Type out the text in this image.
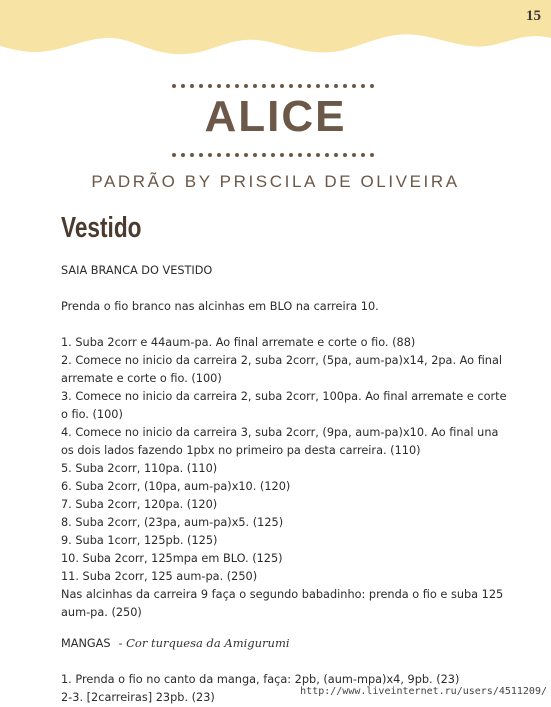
15
ALICE
PADRÃO BY PRISCILA DE OLIVEIRA
Vestido

SAIA BRANCA DO VESTIDO

Prenda o fio branco nas alcinhas em BLO na carreira 10.

1. Suba 2corr e 44aum-pa. Ao final arremate e corte o fio. (88)

2. Comece no inicio da carreira 2, suba 2corr, (5pa, aum-pa)x14, 2pa. Ao final arremate e corte o fio. (100)

3. Comece no inicio da carreira 2, suba 2corr, 100pa. Ao final arremate e corte o fio. (100)

4. Comece no inicio da carreira 3, suba 2corr, (9pa, aum-pa)x10. Ao final una os dois lados fazendo 1pbx no primeiro pa desta carreira. (110)

5. Suba 2corr, 110pa. (110)

6. Suba 2corr, (10pa, aum-pa)x10. (120)

7. Suba 2corr, 120pa. (120)

8. Suba 2corr, (23pa, aum-pa)x5. (125)

9. Suba 1corr, 125pb. (125)

10. Suba 2corr, 125mpa em BLO. (125)

11. Suba 2corr, 125 aum-pa. (250)

Nas alcinhas da carreira 9 faça o segundo babadinho: prenda o fio e suba 125 aum-pa. (250)

MANGAS - Cor turquesa da Amigurumi

1. Prenda o fio no canto da manga, faça: 2pb, (aum-mpa)x4, 9pb. (23)

2-3. [2carreiras] 23pb. (23)	http://www.liveinternet.ru/users/4511209/
